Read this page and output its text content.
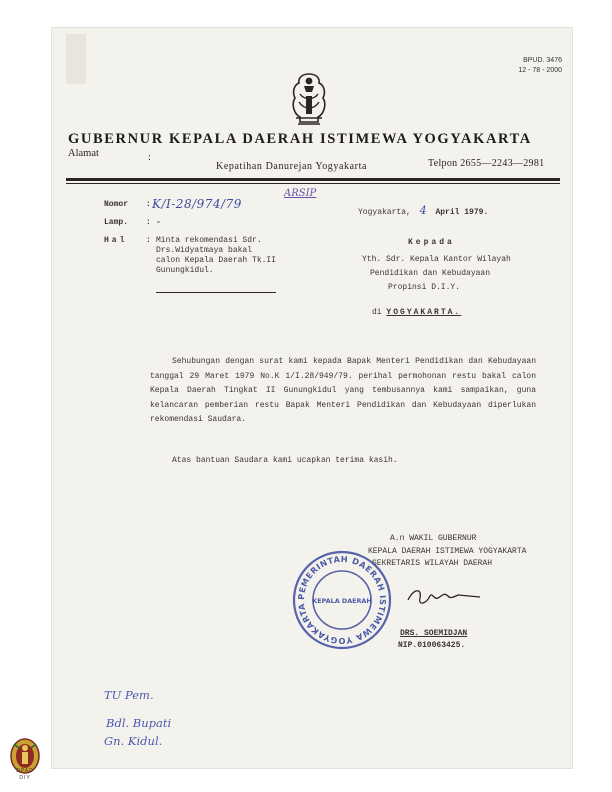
BPUD. 3476
12 - 78 - 2000
GUBERNUR KEPALA DAERAH ISTIMEWA YOGYAKARTA
Alamat	:
Kepatihan Danurejan Yogyakarta	Telpon 2655—2243—2981
Nomor : K/I-28/974/79
ARSIP
Lamp. : -
Hal : Minta rekomendasi Sdr.
Drs.Widyatmaya bakal
calon Kepala Daerah Tk.II
Gunungkidul.
Yogyakarta, 4 April 1979.
Kepada
Yth. Sdr. Kepala Kantor Wilayah
Pendidikan dan Kebudayaan
Propinsi D.I.Y.
di YOGYAKARTA.
Sehubungan dengan surat kami kepada Bapak Menteri Pendidikan dan Kebudayaan tanggal 29 Maret 1979 No.K 1/I.28/949/79. perihal permohonan restu bakal calon Kepala Daerah Tingkat II Gunungkidul yang tembusannya kami sampaikan, guna kelancaran pemberian restu Bapak Menteri Pendidikan dan Kebudayaan diperlukan rekomendasi Saudara.
Atas bantuan Saudara kami ucapkan terima kasih.
A.n WAKIL GUBERNUR
KEPALA DAERAH ISTIMEWA YOGYAKARTA
SEKRETARIS WILAYAH DAERAH
PEMERINTAH DAERAH ISTIMEWA YOGYAKARTA
KEPALA DAERAH
DRS. SOEMIDJAN
NIP.010063425.
TU Pem.
Bdl. Bupati
Gn. Kidul.
DPAD
DIY
